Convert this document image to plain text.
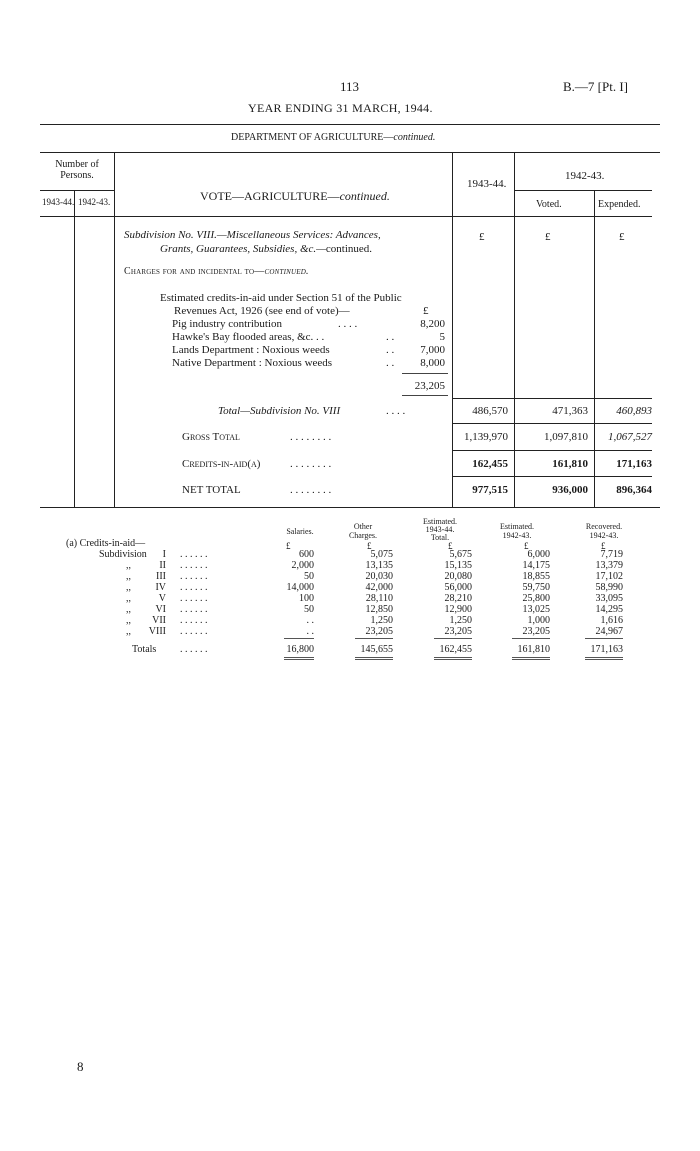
113	B.—7 [Pt. I]
YEAR ENDING 31 MARCH, 1944.
DEPARTMENT OF AGRICULTURE—continued.
Number of Persons.
1943-44. 1942-43.	VOTE—AGRICULTURE—continued.
1943-44.
1942-43.
Voted.	Expended.
Subdivision No. VIII.—Miscellaneous Services: Advances,
Grants, Guarantees, Subsidies, &c.—continued.
£	£	£
Charges for and incidental to—continued.
Estimated credits-in-aid under Section 51 of the Public
Revenues Act, 1926 (see end of vote)—	£
Pig industry contribution	. . . .	8,200
Hawke's Bay flooded areas, &c. . .	. .	5
Lands Department : Noxious weeds	. .	7,000
Native Department : Noxious weeds	. .	8,000
23,205
Total—Subdivision No. VIII	. . . .	486,570	471,363	460,893
Gross Total	. . . . . . . .	1,139,970	1,097,810	1,067,527
Credits-in-aid(a)	. . . . . . . .	162,455	161,810	171,163
NET TOTAL	. . . . . . . .	977,515	936,000	896,364
Salaries.
Other
Charges.
Estimated.
1943-44.
Total.
Estimated.
1942-43.
Recovered.
1942-43.
(a) Credits-in-aid—	£	£	£	£	£
Subdivision	I . . . . . .	600	5,075	5,675	6,000	7,719
,,	II . . . . . .	2,000	13,135	15,135	14,175	13,379
,,	III . . . . . .	50	20,030	20,080	18,855	17,102
,,	IV . . . . . .	14,000	42,000	56,000	59,750	58,990
,,	V . . . . . .	100	28,110	28,210	25,800	33,095
,,	VI . . . . . .	50	12,850	12,900	13,025	14,295
,,	VII . . . . . .	. .	1,250	1,250	1,000	1,616
,,	VIII . . . . . .	. .	23,205	23,205	23,205	24,967
Totals . . . . . .	16,800	145,655	162,455	161,810	171,163
8
